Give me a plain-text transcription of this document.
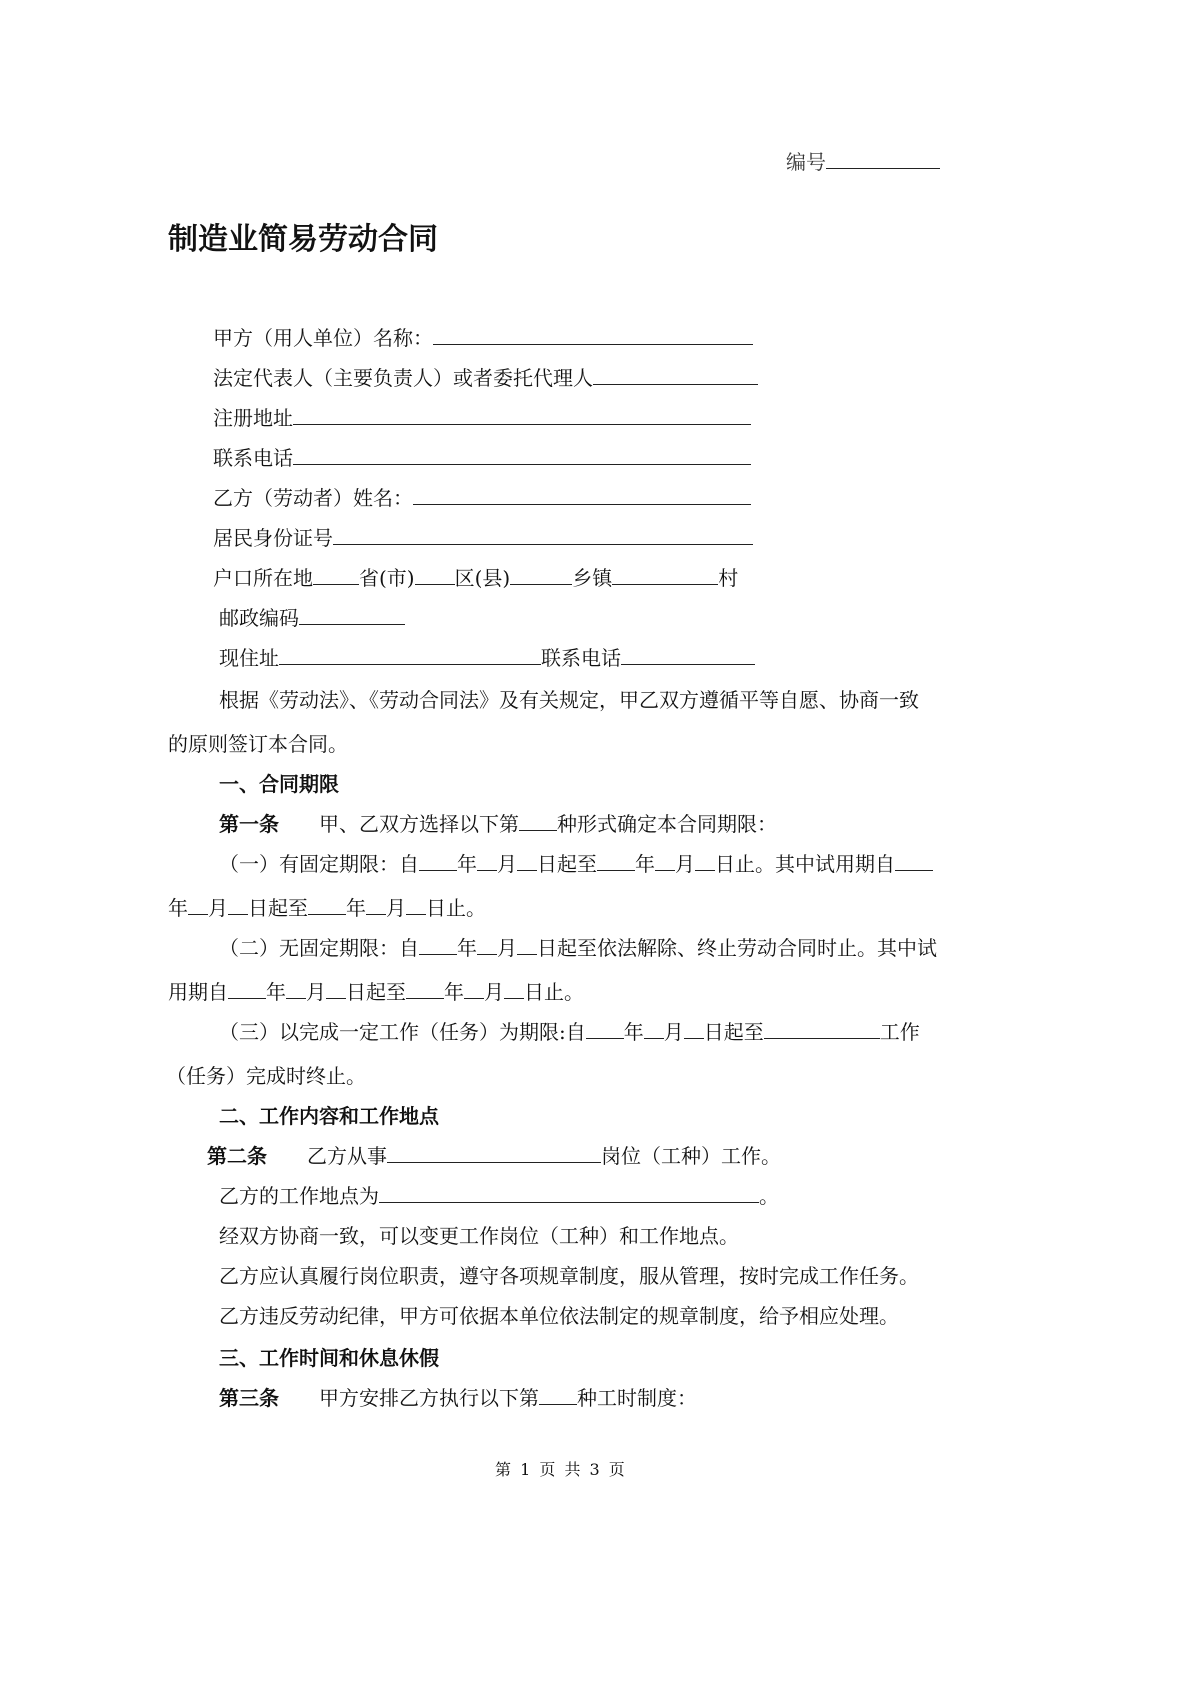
编号
制造业简易劳动合同
甲方（用人单位）名称：
法定代表人（主要负责人）或者委托代理人
注册地址
联系电话
乙方（劳动者）姓名：
居民身份证号
户口所在地 省(市) 区(县)	乡镇	村
邮政编码
现住址	联系电话
根据《劳动法》、《劳动合同法》及有关规定，甲乙双方遵循平等自愿、协商一致
的原则签订本合同。
一、合同期限
第一条 甲、乙双方选择以下第 种形式确定本合同期限：
（一）有固定期限：自 年 月 日起至 年 月 日止。其中试用期自
年 月 日起至 年 月 日止。
（二）无固定期限：自 年 月 日起至依法解除、终止劳动合同时止。其中试
用期自 年 月 日起至 年 月 日止。
（三）以完成一定工作（任务）为期限:自 年 月 日起至	工作
（任务）完成时终止。
二、工作内容和工作地点
第二条 乙方从事	岗位（工种）工作。
乙方的工作地点为	。
经双方协商一致，可以变更工作岗位（工种）和工作地点。
乙方应认真履行岗位职责，遵守各项规章制度，服从管理，按时完成工作任务。
乙方违反劳动纪律，甲方可依据本单位依法制定的规章制度，给予相应处理。
三、工作时间和休息休假
第三条 甲方安排乙方执行以下第 种工时制度：
第 1 页 共 3 页
